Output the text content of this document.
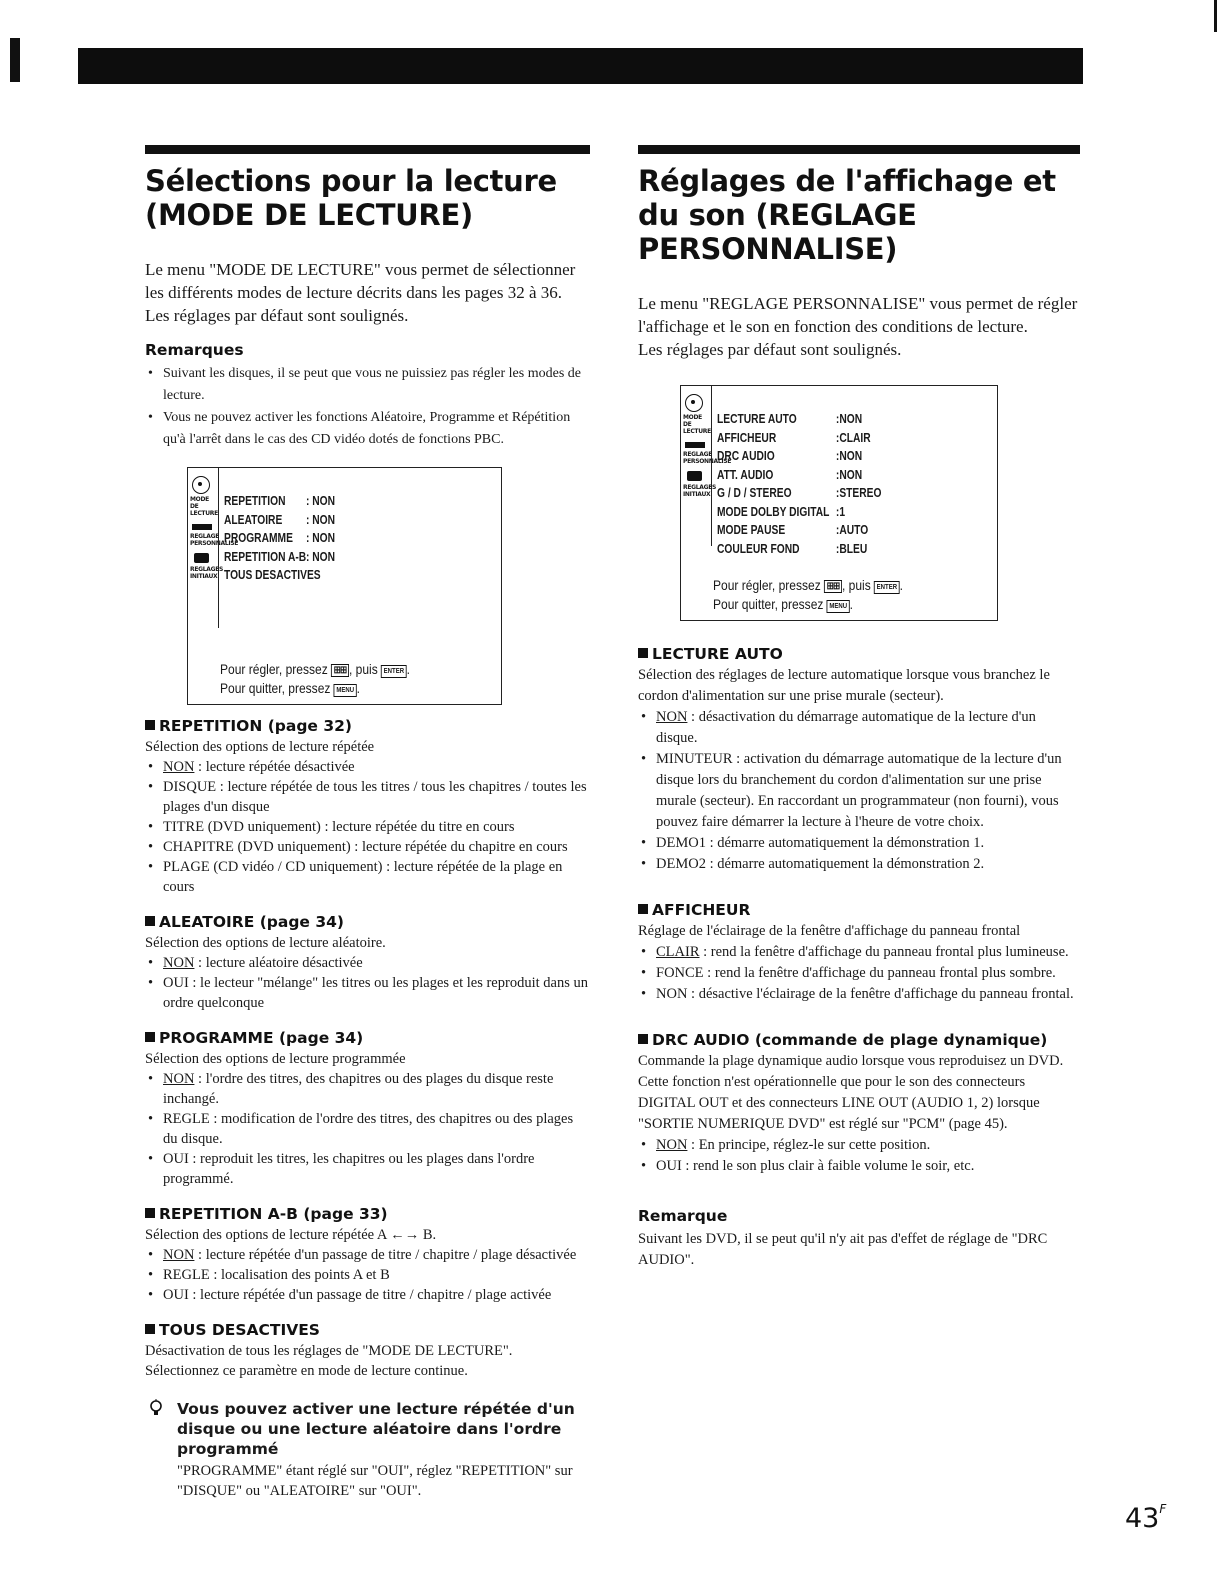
Sélections pour la lecture (MODE DE LECTURE)

Le menu "MODE DE LECTURE" vous permet de sélectionner les différents modes de lecture décrits dans les pages 32 à 36.

Les réglages par défaut sont soulignés.

Remarques
• Suivant les disques, il se peut que vous ne puissiez pas régler les modes de lecture.
• Vous ne pouvez activer les fonctions Aléatoire, Programme et Répétition qu'à l'arrêt dans le cas des CD vidéo dotés de fonctions PBC.
MODE DE LECTURE
REGLAGE PERSONNALISE
REGLAGES INITIAUX
REPETITION	: NON
ALEATOIRE	: NON
PROGRAMME	: NON
REPETITION A-B : NON
TOUS DESACTIVES
Pour régler, pressez ⊞⊞ , puis ENTER .
Pour quitter, pressez MENU .
REPETITION (page 32)

Sélection des options de lecture répétée

• NON : lecture répétée désactivée
• DISQUE : lecture répétée de tous les titres / tous les chapitres / toutes les plages d'un disque
• TITRE (DVD uniquement) : lecture répétée du titre en cours
• CHAPITRE (DVD uniquement) : lecture répétée du chapitre en cours
• PLAGE (CD vidéo / CD uniquement) : lecture répétée de la plage en cours
ALEATOIRE (page 34)

Sélection des options de lecture aléatoire.

• NON : lecture aléatoire désactivée
• OUI : le lecteur "mélange" les titres ou les plages et les reproduit dans un ordre quelconque
PROGRAMME (page 34)

Sélection des options de lecture programmée

• NON : l'ordre des titres, des chapitres ou des plages du disque reste inchangé.
• REGLE : modification de l'ordre des titres, des chapitres ou des plages du disque.
• OUI : reproduit les titres, les chapitres ou les plages dans l'ordre programmé.
REPETITION A-B (page 33)

Sélection des options de lecture répétée A ←→ B.

• NON : lecture répétée d'un passage de titre / chapitre / plage désactivée
• REGLE : localisation des points A et B
• OUI : lecture répétée d'un passage de titre / chapitre / plage activée
TOUS DESACTIVES

Désactivation de tous les réglages de "MODE DE LECTURE". Sélectionnez ce paramètre en mode de lecture continue.

Vous pouvez activer une lecture répétée d'un disque ou une lecture aléatoire dans l'ordre programmé
"PROGRAMME" étant réglé sur "OUI", réglez "REPETITION" sur "DISQUE" ou "ALEATOIRE" sur "OUI".
Réglages de l'affichage et du son (REGLAGE PERSONNALISE)

Le menu "REGLAGE PERSONNALISE" vous permet de régler l'affichage et le son en fonction des conditions de lecture.

Les réglages par défaut sont soulignés.

MODE DE LECTURE
REGLAGE PERSONNALISE
REGLAGES INITIAUX
LECTURE AUTO	:NON
AFFICHEUR	:CLAIR
DRC AUDIO	:NON
ATT. AUDIO	:NON
G / D / STEREO	:STEREO
MODE DOLBY DIGITAL :1
MODE PAUSE	:AUTO
COULEUR FOND	:BLEU
Pour régler, pressez ⊞⊞ , puis ENTER .
Pour quitter, pressez MENU .
LECTURE AUTO

Sélection des réglages de lecture automatique lorsque vous branchez le cordon d'alimentation sur une prise murale (secteur).

• NON : désactivation du démarrage automatique de la lecture d'un disque.
• MINUTEUR : activation du démarrage automatique de la lecture d'un disque lors du branchement du cordon d'alimentation sur une prise murale (secteur). En raccordant un programmateur (non fourni), vous pouvez faire démarrer la lecture à l'heure de votre choix.
• DEMO1 : démarre automatiquement la démonstration 1.
• DEMO2 : démarre automatiquement la démonstration 2.
AFFICHEUR

Réglage de l'éclairage de la fenêtre d'affichage du panneau frontal

• CLAIR : rend la fenêtre d'affichage du panneau frontal plus lumineuse.
• FONCE : rend la fenêtre d'affichage du panneau frontal plus sombre.
• NON : désactive l'éclairage de la fenêtre d'affichage du panneau frontal.
DRC AUDIO (commande de plage dynamique)

Commande la plage dynamique audio lorsque vous reproduisez un DVD.

Cette fonction n'est opérationnelle que pour le son des connecteurs DIGITAL OUT et des connecteurs LINE OUT (AUDIO 1, 2) lorsque "SORTIE NUMERIQUE DVD" est réglé sur "PCM" (page 45).

• NON : En principe, réglez-le sur cette position.
• OUI : rend le son plus clair à faible volume le soir, etc.
Remarque

Suivant les DVD, il se peut qu'il n'y ait pas d'effet de réglage de "DRC AUDIO".

$43^F$
